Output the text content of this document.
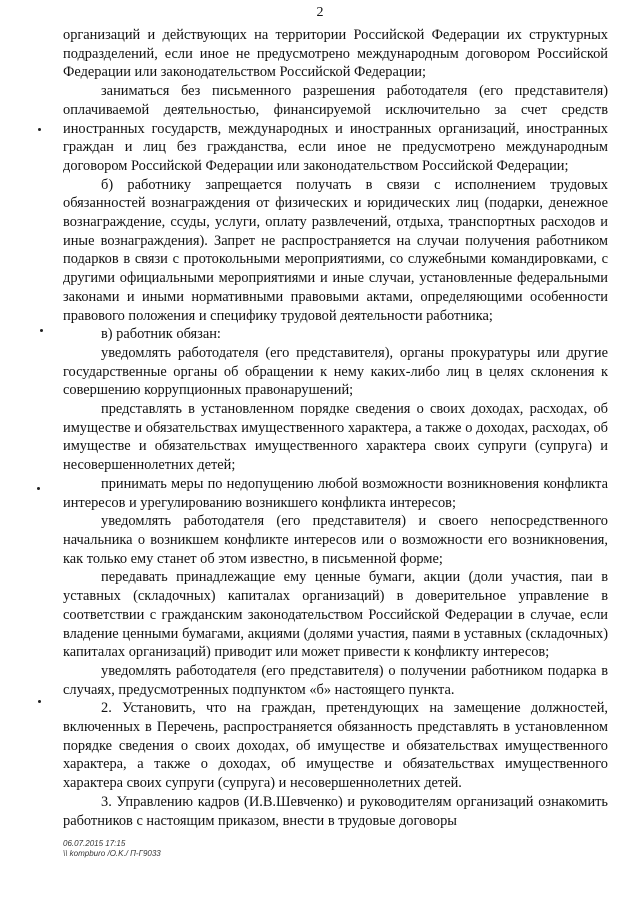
2

организаций и действующих на территории Российской Федерации их структурных подразделений, если иное не предусмотрено международным договором Российской Федерации или законодательством Российской Федерации;

заниматься без письменного разрешения работодателя (его представителя) оплачиваемой деятельностью, финансируемой исключительно за счет средств иностранных государств, международных и иностранных организаций, иностранных граждан и лиц без гражданства, если иное не предусмотрено международным договором Российской Федерации или законодательством Российской Федерации;

б) работнику запрещается получать в связи с исполнением трудовых обязанностей вознаграждения от физических и юридических лиц (подарки, денежное вознаграждение, ссуды, услуги, оплату развлечений, отдыха, транспортных расходов и иные вознаграждения). Запрет не распространяется на случаи получения работником подарков в связи с протокольными мероприятиями, со служебными командировками, с другими официальными мероприятиями и иные случаи, установленные федеральными законами и иными нормативными правовыми актами, определяющими особенности правового положения и специфику трудовой деятельности работника;

в) работник обязан:

уведомлять работодателя (его представителя), органы прокуратуры или другие государственные органы об обращении к нему каких-либо лиц в целях склонения к совершению коррупционных правонарушений;

представлять в установленном порядке сведения о своих доходах, расходах, об имуществе и обязательствах имущественного характера, а также о доходах, расходах, об имуществе и обязательствах имущественного характера своих супруги (супруга) и несовершеннолетних детей;

принимать меры по недопущению любой возможности возникновения конфликта интересов и урегулированию возникшего конфликта интересов;

уведомлять работодателя (его представителя) и своего непосредственного начальника о возникшем конфликте интересов или о возможности его возникновения, как только ему станет об этом известно, в письменной форме;

передавать принадлежащие ему ценные бумаги, акции (доли участия, паи в уставных (складочных) капиталах организаций) в доверительное управление в соответствии с гражданским законодательством Российской Федерации в случае, если владение ценными бумагами, акциями (долями участия, паями в уставных (складочных) капиталах организаций) приводит или может привести к конфликту интересов;

уведомлять работодателя (его представителя) о получении работником подарка в случаях, предусмотренных подпунктом «б» настоящего пункта.

2. Установить, что на граждан, претендующих на замещение должностей, включенных в Перечень, распространяется обязанность представлять в установленном порядке сведения о своих доходах, об имуществе и обязательствах имущественного характера, а также о доходах, об имуществе и обязательствах имущественного характера своих супруги (супруга) и несовершеннолетних детей.

3. Управлению кадров (И.В.Шевченко) и руководителям организаций ознакомить работников с настоящим приказом, внести в трудовые договоры

06.07.2015 17:15
\\ kompburo /O.K./ П-Г9033
